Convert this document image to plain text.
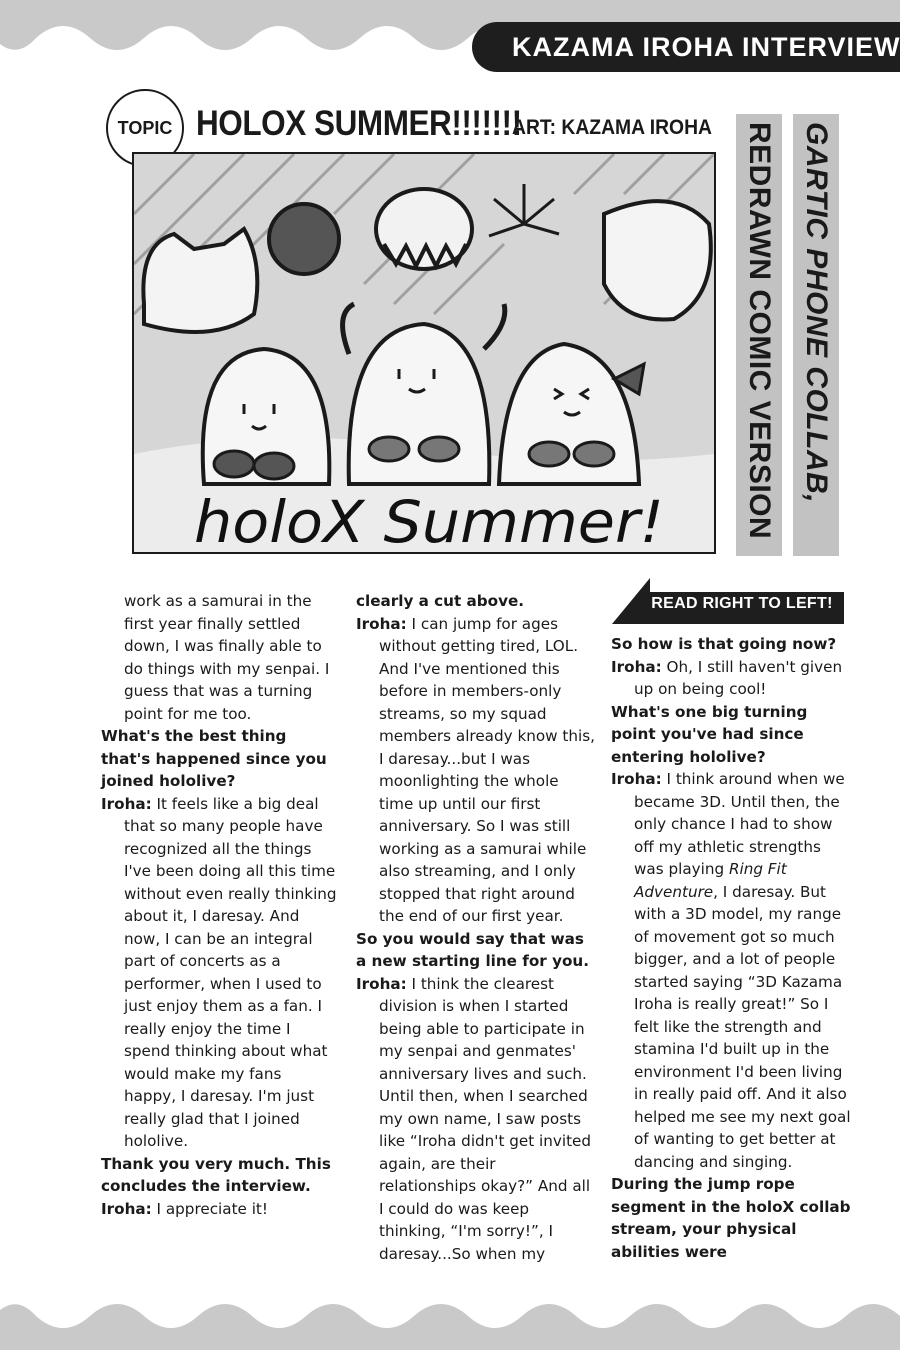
KAZAMA IROHA INTERVIEW
TOPIC HOLOX SUMMER!!!!!!!
ART: KAZAMA IROHA
holoX Summer!	REDRAWN COMIC VERSION GARTIC PHONE COLLAB,
READ RIGHT TO LEFT!

work as a samurai in the first year finally settled down, I was finally able to do things with my senpai. I guess that was a turning point for me too.

What's the best thing that's happened since you joined hololive?

Iroha: It feels like a big deal that so many people have recognized all the things I've been doing all this time without even really thinking about it, I daresay. And now, I can be an integral part of concerts as a performer, when I used to just enjoy them as a fan. I really enjoy the time I spend thinking about what would make my fans happy, I daresay. I'm just really glad that I joined hololive.

Thank you very much. This concludes the interview.

Iroha: I appreciate it!

clearly a cut above.

Iroha: I can jump for ages without getting tired, LOL. And I've mentioned this before in members-only streams, so my squad members already know this, I daresay...but I was moonlighting the whole time up until our first anniversary. So I was still working as a samurai while also streaming, and I only stopped that right around the end of our first year.

So you would say that was a new starting line for you.

Iroha: I think the clearest division is when I started being able to participate in my senpai and genmates' anniversary lives and such. Until then, when I searched my own name, I saw posts like “Iroha didn't get invited again, are their relationships okay?” And all I could do was keep thinking, “I'm sorry!”, I daresay...So when my

So how is that going now?

Iroha: Oh, I still haven't given up on being cool!

What's one big turning point you've had since entering hololive?

Iroha: I think around when we became 3D. Until then, the only chance I had to show off my athletic strengths was playing Ring Fit Adventure, I daresay. But with a 3D model, my range of movement got so much bigger, and a lot of people started saying “3D Kazama Iroha is really great!” So I felt like the strength and stamina I'd built up in the environment I'd been living in really paid off. And it also helped me see my next goal of wanting to get better at dancing and singing.

During the jump rope segment in the holoX collab stream, your physical abilities were
